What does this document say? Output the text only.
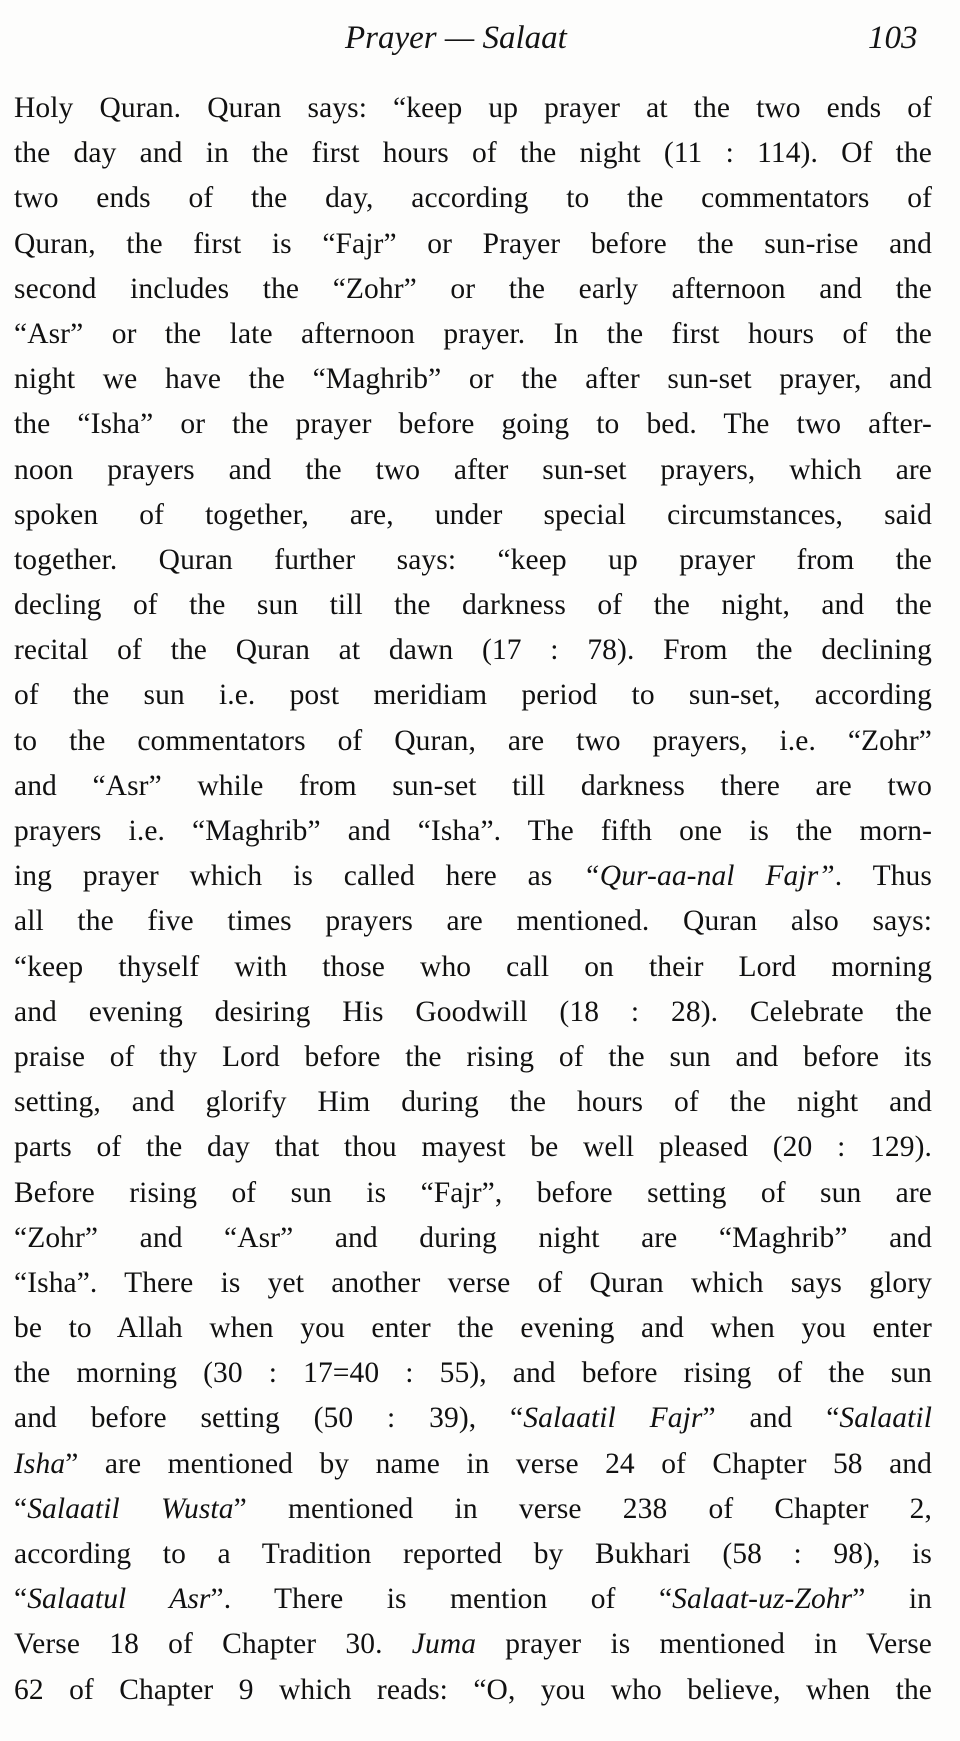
Prayer — Salaat	103
Holy Quran. Quran says: “keep up prayer at the two ends of
the day and in the first hours of the night (11 : 114). Of the
two ends of the day, according to the commentators of
Quran, the first is “Fajr” or Prayer before the sun-rise and
second includes the “Zohr” or the early afternoon and the
“Asr” or the late afternoon prayer. In the first hours of the
night we have the “Maghrib” or the after sun-set prayer, and
the “Isha” or the prayer before going to bed. The two after-
noon prayers and the two after sun-set prayers, which are
spoken of together, are, under special circumstances, said
together. Quran further says: “keep up prayer from the
decling of the sun till the darkness of the night, and the
recital of the Quran at dawn (17 : 78). From the declining
of the sun i.e. post meridiam period to sun-set, according
to the commentators of Quran, are two prayers, i.e. “Zohr”
and “Asr” while from sun-set till darkness there are two
prayers i.e. “Maghrib” and “Isha”. The fifth one is the morn-
ing prayer which is called here as “Qur-aa-nal Fajr”. Thus
all the five times prayers are mentioned. Quran also says:
“keep thyself with those who call on their Lord morning
and evening desiring His Goodwill (18 : 28). Celebrate the
praise of thy Lord before the rising of the sun and before its
setting, and glorify Him during the hours of the night and
parts of the day that thou mayest be well pleased (20 : 129).
Before rising of sun is “Fajr”, before setting of sun are
“Zohr” and “Asr” and during night are “Maghrib” and
“Isha”. There is yet another verse of Quran which says glory
be to Allah when you enter the evening and when you enter
the morning (30 : 17=40 : 55), and before rising of the sun
and before setting (50 : 39), “Salaatil Fajr” and “Salaatil
Isha” are mentioned by name in verse 24 of Chapter 58 and
“Salaatil Wusta” mentioned in verse 238 of Chapter 2,
according to a Tradition reported by Bukhari (58 : 98), is
“Salaatul Asr”. There is mention of “Salaat-uz-Zohr” in
Verse 18 of Chapter 30. Juma prayer is mentioned in Verse
62 of Chapter 9 which reads: “O, you who believe, when the
